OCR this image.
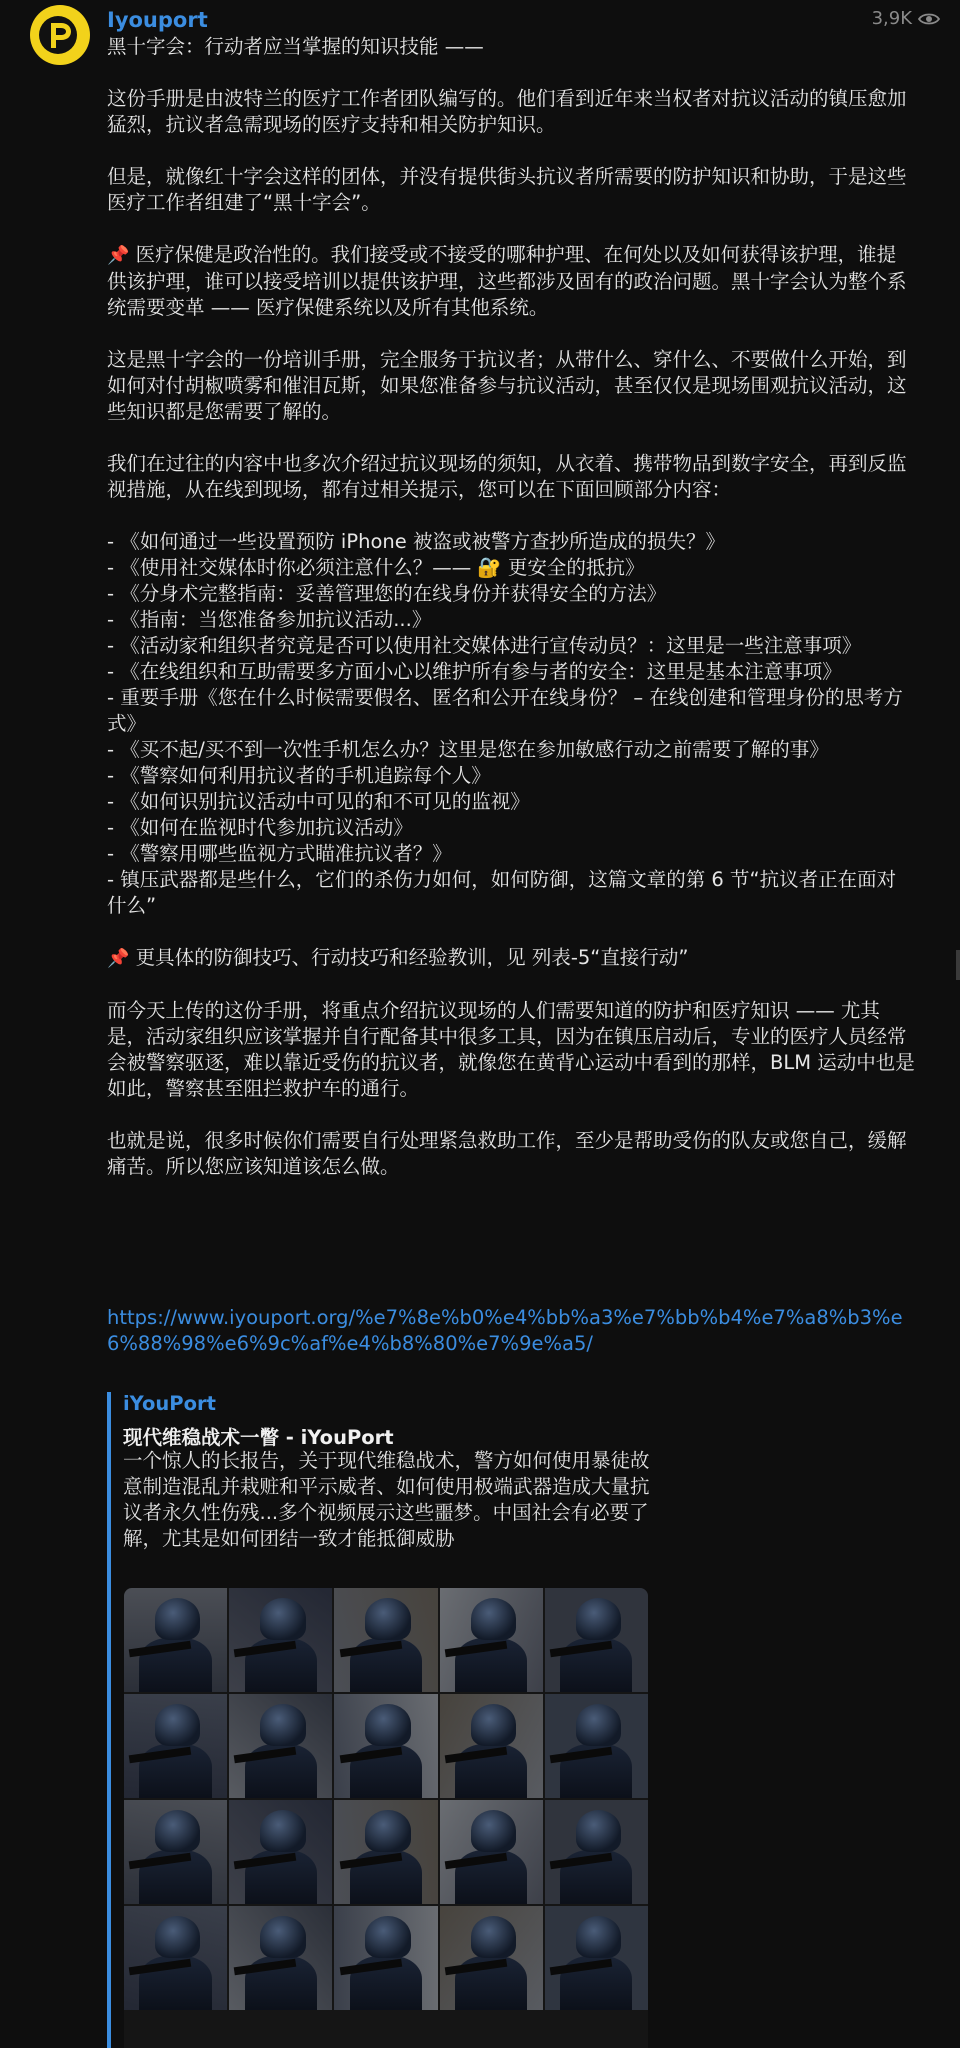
Iyouport	3,9K

黑十字会：行动者应当掌握的知识技能 ——

这份手册是由波特兰的医疗工作者团队编写的。他们看到近年来当权者对抗议活动的镇压愈加猛烈，抗议者急需现场的医疗支持和相关防护知识。

但是，就像红十字会这样的团体，并没有提供街头抗议者所需要的防护知识和协助，于是这些医疗工作者组建了“黑十字会”。

📌 医疗保健是政治性的。我们接受或不接受的哪种护理、在何处以及如何获得该护理，谁提供该护理，谁可以接受培训以提供该护理，这些都涉及固有的政治问题。黑十字会认为整个系统需要变革 —— 医疗保健系统以及所有其他系统。

这是黑十字会的一份培训手册，完全服务于抗议者；从带什么、穿什么、不要做什么开始，到如何对付胡椒喷雾和催泪瓦斯，如果您准备参与抗议活动，甚至仅仅是现场围观抗议活动，这些知识都是您需要了解的。

我们在过往的内容中也多次介绍过抗议现场的须知，从衣着、携带物品到数字安全，再到反监视措施，从在线到现场，都有过相关提示，您可以在下面回顾部分内容：

- 《如何通过一些设置预防 iPhone 被盗或被警方查抄所造成的损失？》

- 《使用社交媒体时你必须注意什么？—— 🔐 更安全的抵抗》

- 《分身术完整指南：妥善管理您的在线身份并获得安全的方法》

- 《指南：当您准备参加抗议活动...》

- 《活动家和组织者究竟是否可以使用社交媒体进行宣传动员？：这里是一些注意事项》

- 《在线组织和互助需要多方面小心以维护所有参与者的安全：这里是基本注意事项》

- 重要手册《您在什么时候需要假名、匿名和公开在线身份？ – 在线创建和管理身份的思考方式》

- 《买不起/买不到一次性手机怎么办？这里是您在参加敏感行动之前需要了解的事》

- 《警察如何利用抗议者的手机追踪每个人》

- 《如何识别抗议活动中可见的和不可见的监视》

- 《如何在监视时代参加抗议活动》

- 《警察用哪些监视方式瞄准抗议者？》

- 镇压武器都是些什么，它们的杀伤力如何，如何防御，这篇文章的第 6 节“抗议者正在面对什么”

📌 更具体的防御技巧、行动技巧和经验教训，见 列表-5“直接行动”

而今天上传的这份手册，将重点介绍抗议现场的人们需要知道的防护和医疗知识 —— 尤其是，活动家组织应该掌握并自行配备其中很多工具，因为在镇压启动后，专业的医疗人员经常会被警察驱逐，难以靠近受伤的抗议者，就像您在黄背心运动中看到的那样，BLM 运动中也是如此，警察甚至阻拦救护车的通行。

也就是说，很多时候你们需要自行处理紧急救助工作，至少是帮助受伤的队友或您自己，缓解痛苦。所以您应该知道该怎么做。

https://www.iyouport.org/%e7%8e%b0%e4%bb%a3%e7%bb%b4%e7%a8%b3%e6%88%98%e6%9c%af%e4%b8%80%e7%9e%a5/
iYouPort
现代维稳战术一瞥 - iYouPort
一个惊人的长报告，关于现代维稳战术，警方如何使用暴徒故意制造混乱并栽赃和平示威者、如何使用极端武器造成大量抗议者永久性伤残...多个视频展示这些噩梦。中国社会有必要了解，尤其是如何团结一致才能抵御威胁
